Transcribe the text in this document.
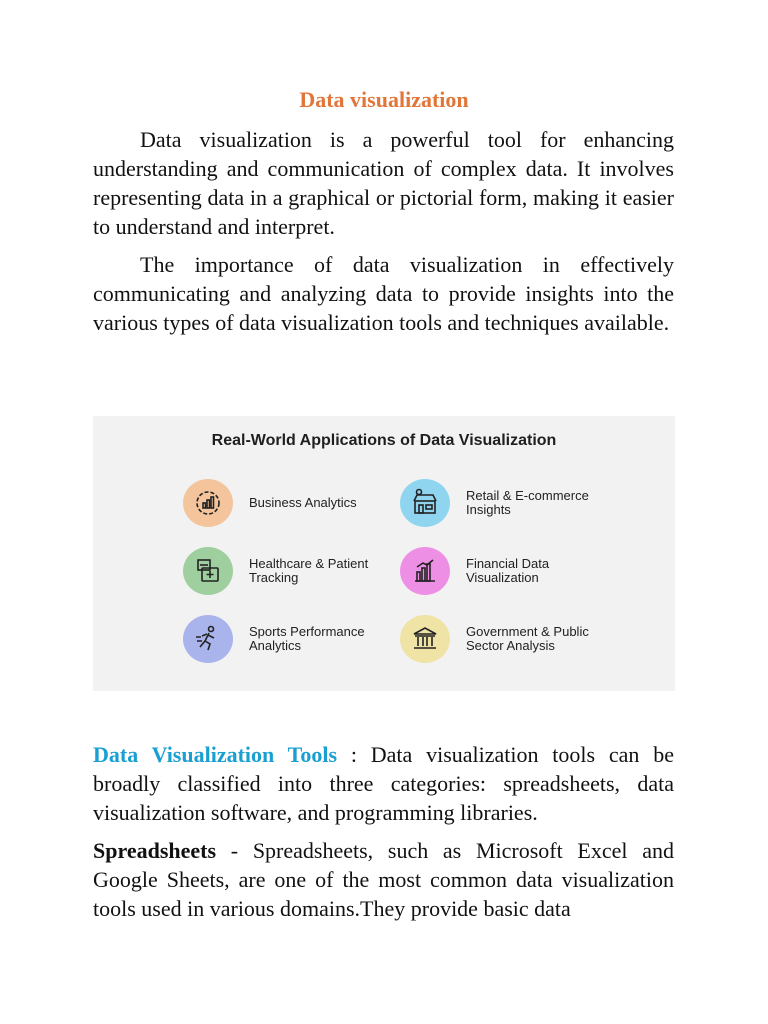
Data visualization

Data visualization is a powerful tool for enhancing understanding and communication of complex data. It involves representing data in a graphical or pictorial form, making it easier to understand and interpret.

The importance of data visualization in effectively communicating and analyzing data to provide insights into the various types of data visualization tools and techniques available.

Real-World Applications of Data Visualization
Business Analytics	Retail & E-commerce Insights
Healthcare & Patient Tracking
Financial Data Visualization
Sports Performance Analytics
Government & Public Sector Analysis

Data Visualization Tools : Data visualization tools can be broadly classified into three categories: spreadsheets, data visualization software, and programming libraries.

Spreadsheets - Spreadsheets, such as Microsoft Excel and Google Sheets, are one of the most common data visualization tools used in various domains.They provide basic data
